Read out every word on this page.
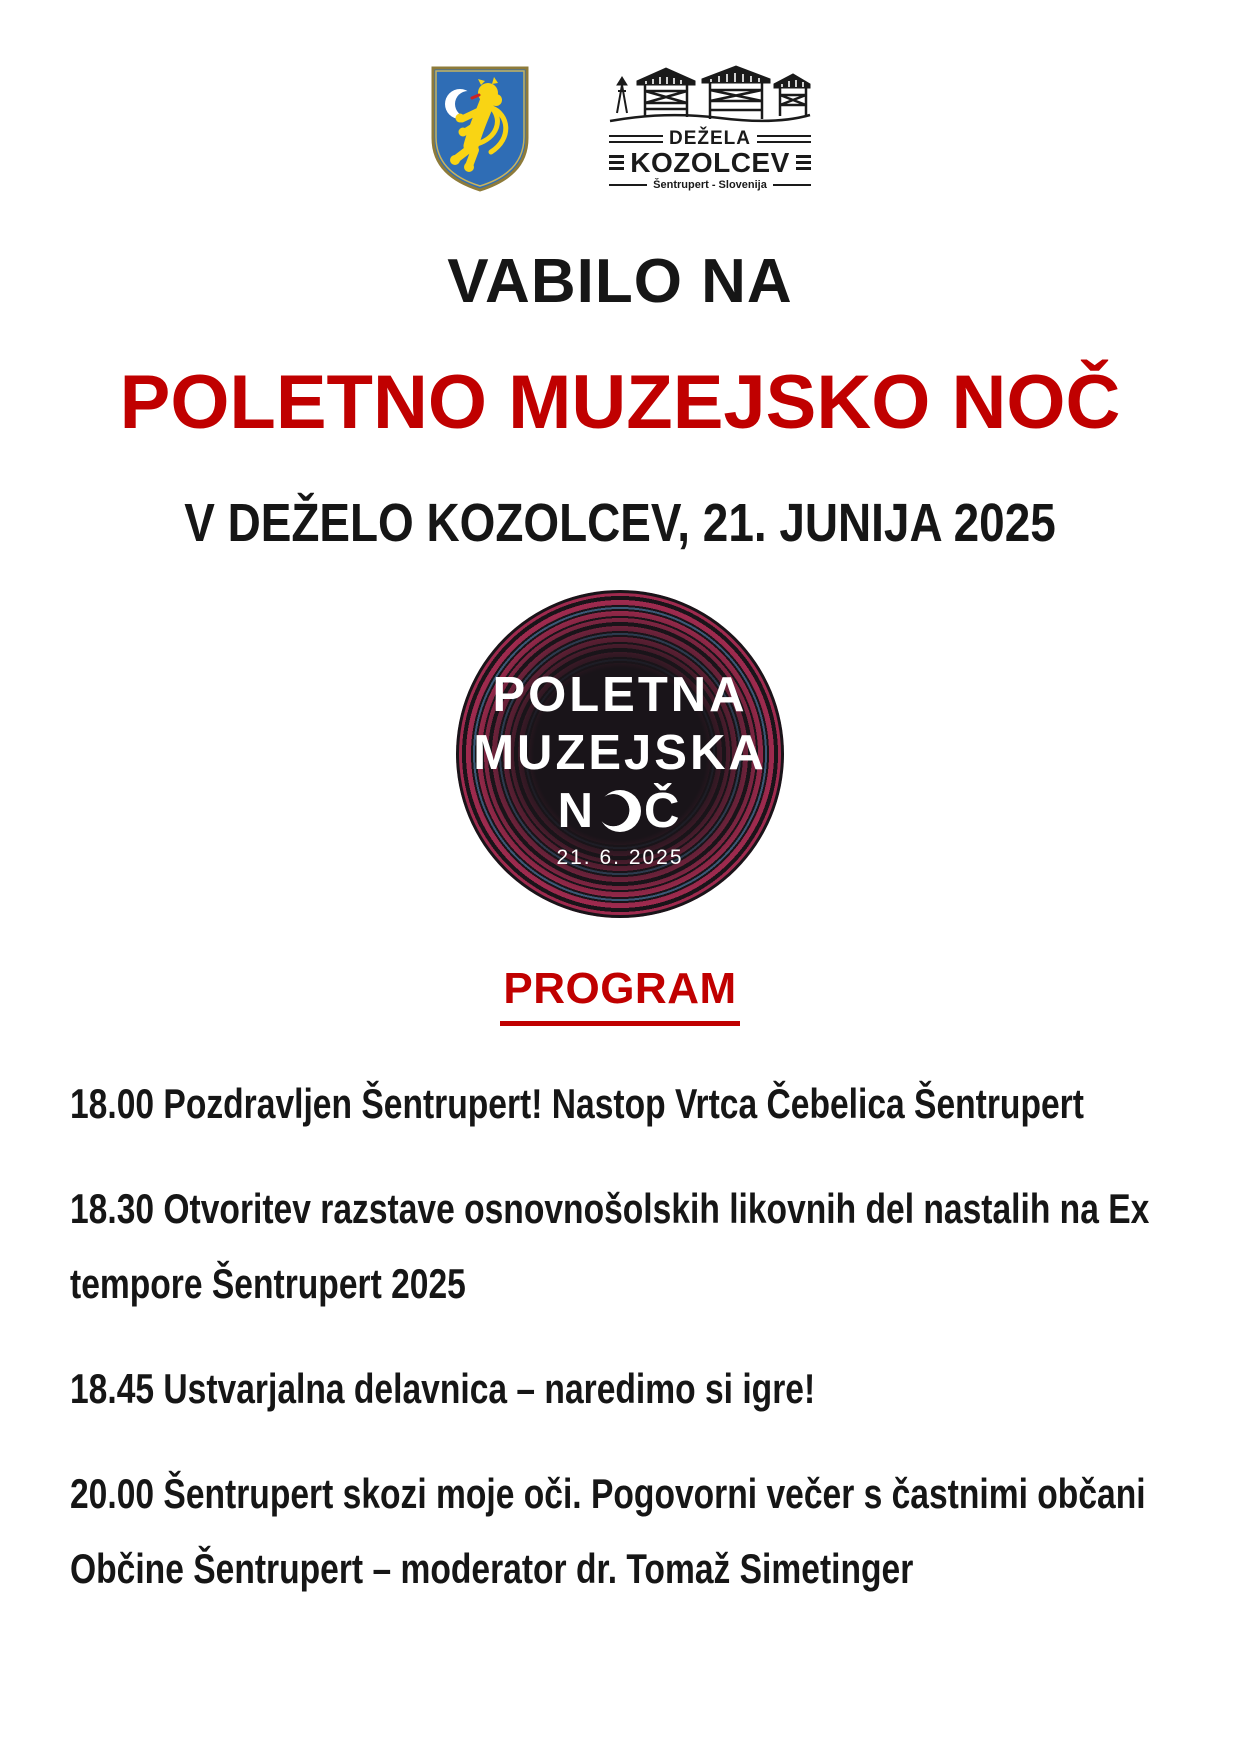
DEŽELA
KOZOLCEV
Šentrupert - Slovenija
VABILO NA
POLETNO MUZEJSKO NOČ
V DEŽELO KOZOLCEV, 21. JUNIJA 2025
POLETNA
MUZEJSKA
N Č
21. 6. 2025
PROGRAM

18.00 Pozdravljen Šentrupert! Nastop Vrtca Čebelica Šentrupert

18.30 Otvoritev razstave osnovnošolskih likovnih del nastalih na Ex tempore Šentrupert 2025

18.45 Ustvarjalna delavnica – naredimo si igre!

20.00 Šentrupert skozi moje oči. Pogovorni večer s častnimi občani Občine Šentrupert – moderator dr. Tomaž Simetinger
